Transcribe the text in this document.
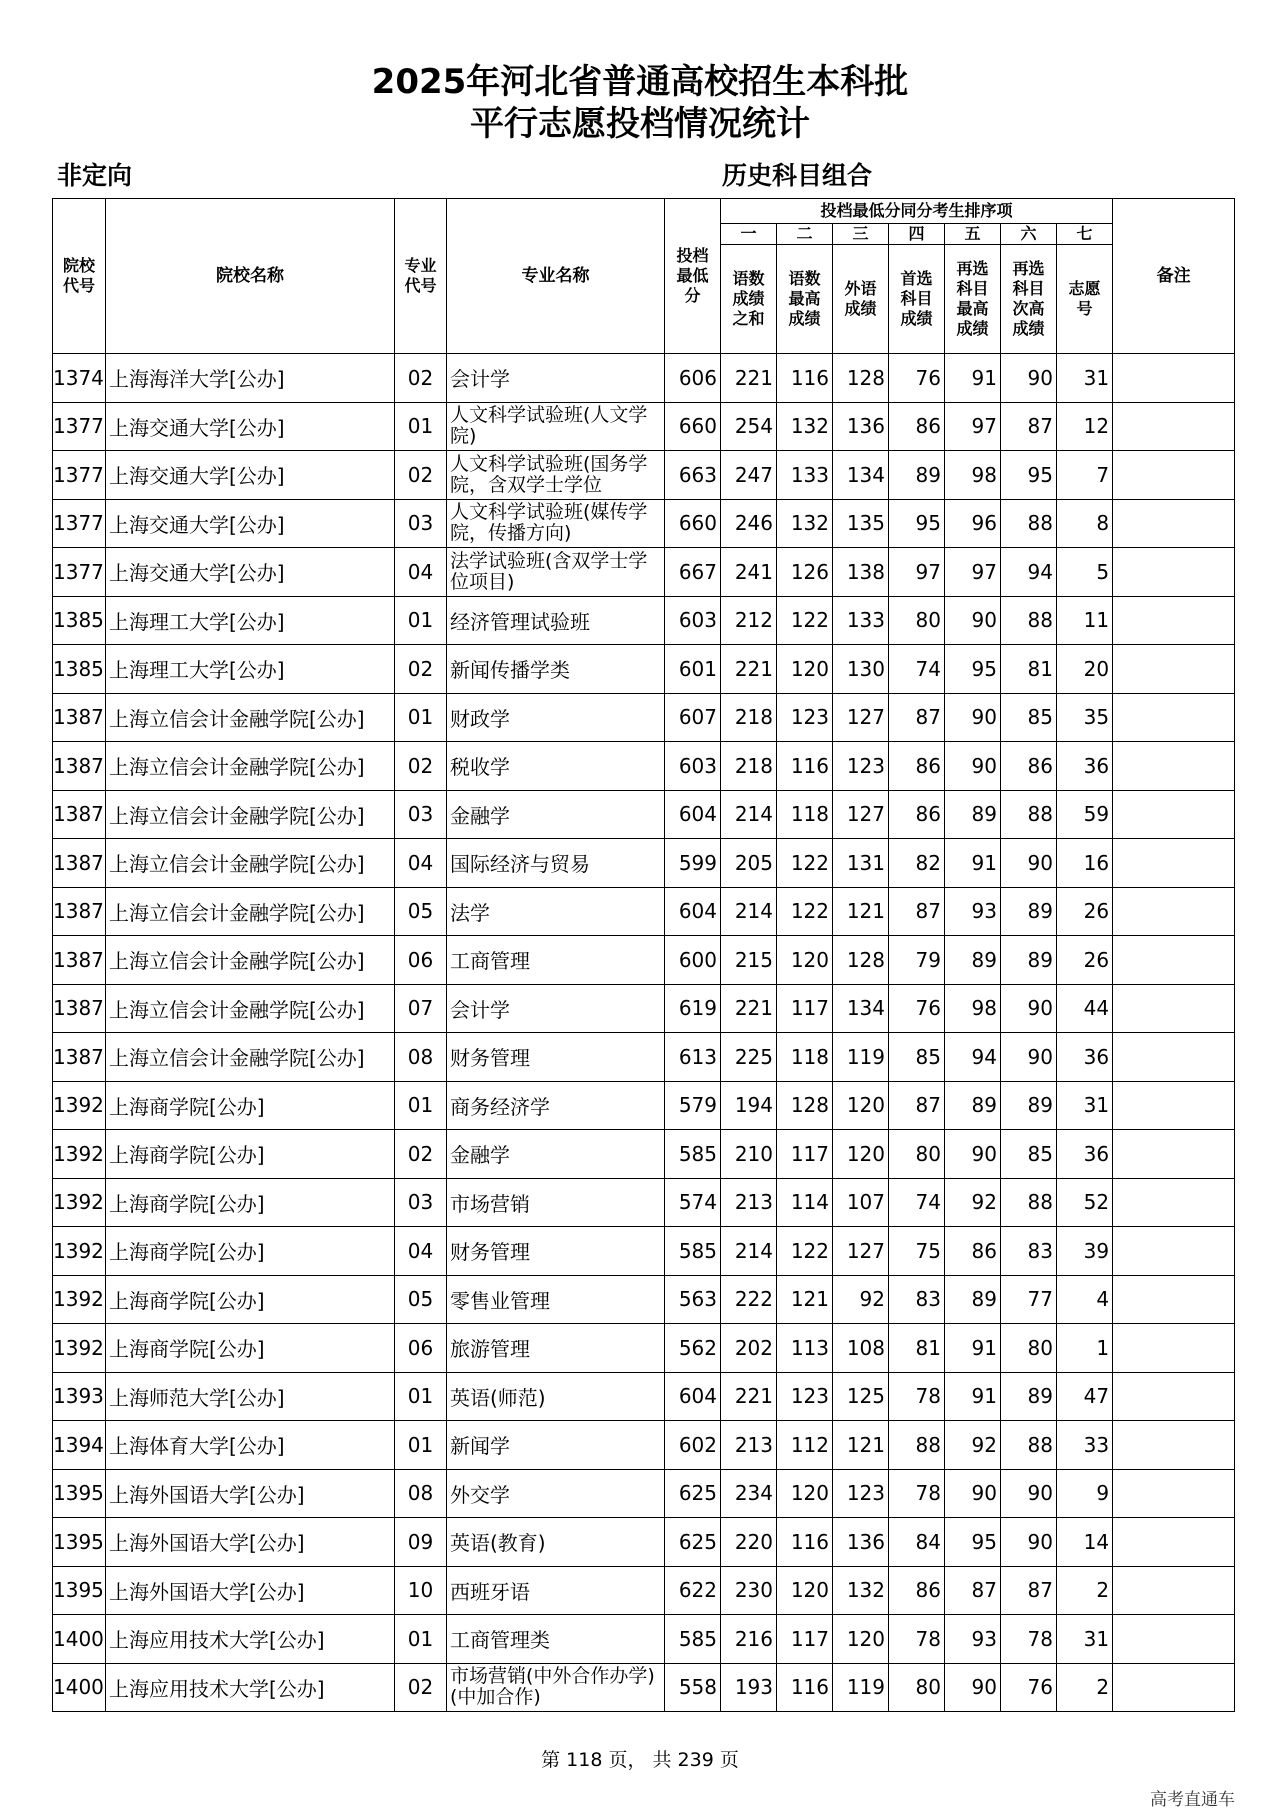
2025年河北省普通高校招生本科批
平行志愿投档情况统计
非定向	历史科目组合
院校代号	院校名称	专业代号	专业名称	投档最低分	投档最低分同分考生排序项							备注
					一	二	三	四	五	六	七	

					语数成绩之和	语数最高成绩	外语成绩	首选科目成绩	再选科目最高成绩	再选科目次高成绩	志愿号	

1374	上海海洋大学[公办]	02	会计学	606	221	116	128	76	91	90	31	
1377	上海交通大学[公办]	01	人文科学试验班(人文学院)	660	254	132	136	86	97	87	12	
1377	上海交通大学[公办]	02	人文科学试验班(国务学院，含双学士学位	663	247	133	134	89	98	95	7	
1377	上海交通大学[公办]	03	人文科学试验班(媒传学院，传播方向)	660	246	132	135	95	96	88	8	
1377	上海交通大学[公办]	04	法学试验班(含双学士学位项目)	667	241	126	138	97	97	94	5	
1385	上海理工大学[公办]	01	经济管理试验班	603	212	122	133	80	90	88	11	
1385	上海理工大学[公办]	02	新闻传播学类	601	221	120	130	74	95	81	20	
1387	上海立信会计金融学院[公办]	01	财政学	607	218	123	127	87	90	85	35	
1387	上海立信会计金融学院[公办]	02	税收学	603	218	116	123	86	90	86	36	
1387	上海立信会计金融学院[公办]	03	金融学	604	214	118	127	86	89	88	59	
1387	上海立信会计金融学院[公办]	04	国际经济与贸易	599	205	122	131	82	91	90	16	
1387	上海立信会计金融学院[公办]	05	法学	604	214	122	121	87	93	89	26	
1387	上海立信会计金融学院[公办]	06	工商管理	600	215	120	128	79	89	89	26	
1387	上海立信会计金融学院[公办]	07	会计学	619	221	117	134	76	98	90	44	
1387	上海立信会计金融学院[公办]	08	财务管理	613	225	118	119	85	94	90	36	
1392	上海商学院[公办]	01	商务经济学	579	194	128	120	87	89	89	31	
1392	上海商学院[公办]	02	金融学	585	210	117	120	80	90	85	36	
1392	上海商学院[公办]	03	市场营销	574	213	114	107	74	92	88	52	
1392	上海商学院[公办]	04	财务管理	585	214	122	127	75	86	83	39	
1392	上海商学院[公办]	05	零售业管理	563	222	121	92	83	89	77	4	
1392	上海商学院[公办]	06	旅游管理	562	202	113	108	81	91	80	1	
1393	上海师范大学[公办]	01	英语(师范)	604	221	123	125	78	91	89	47	
1394	上海体育大学[公办]	01	新闻学	602	213	112	121	88	92	88	33	
1395	上海外国语大学[公办]	08	外交学	625	234	120	123	78	90	90	9	
1395	上海外国语大学[公办]	09	英语(教育)	625	220	116	136	84	95	90	14	
1395	上海外国语大学[公办]	10	西班牙语	622	230	120	132	86	87	87	2	
1400	上海应用技术大学[公办]	01	工商管理类	585	216	117	120	78	93	78	31	
1400	上海应用技术大学[公办]	02	市场营销(中外合作办学)(中加合作)	558	193	116	119	80	90	76	2	
第 118 页， 共 239 页
高考直通车
